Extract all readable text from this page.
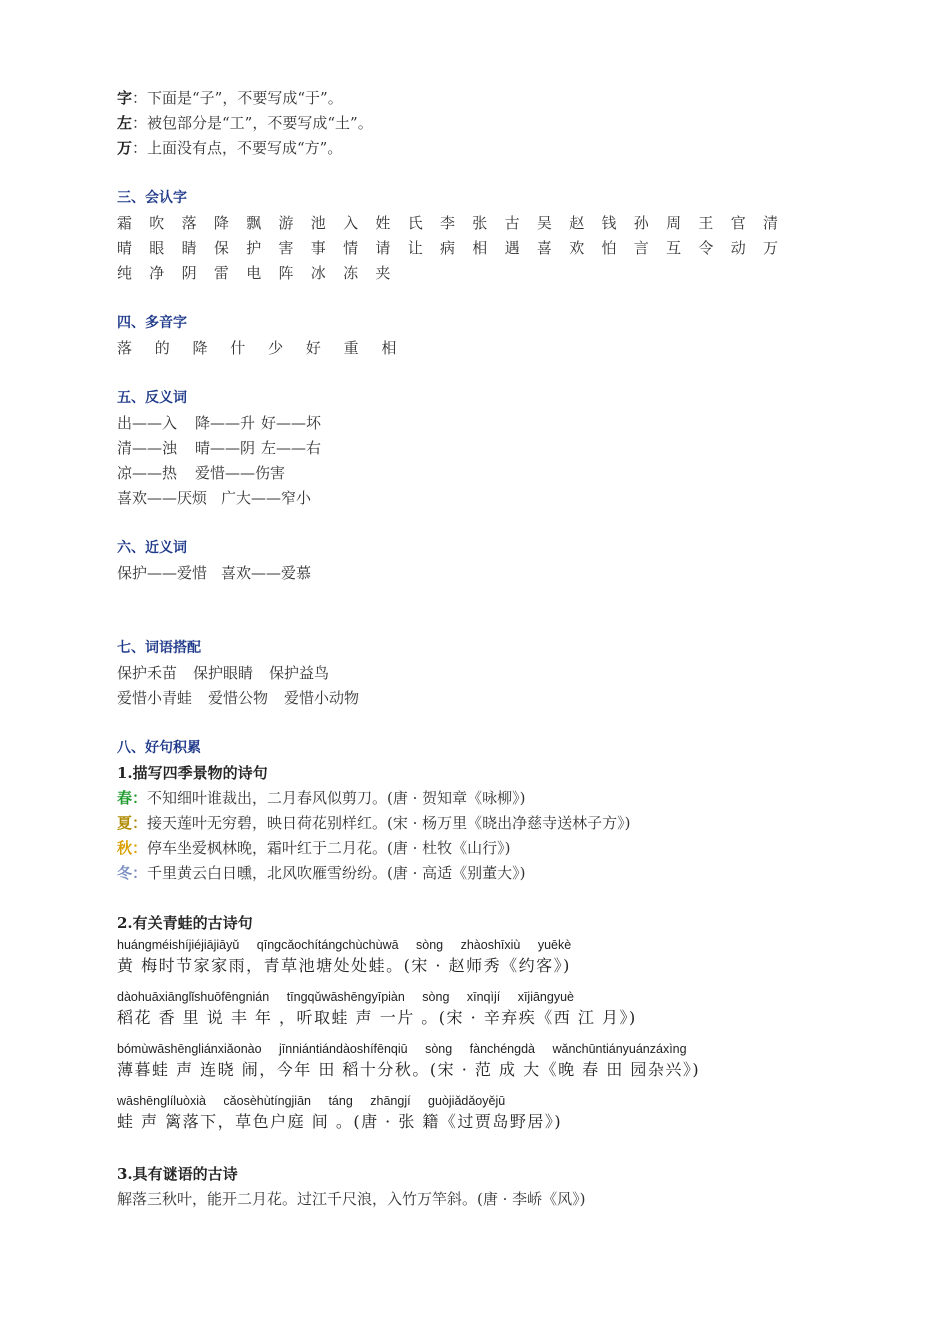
字：下面是“子”，不要写成“于”。
左：被包部分是“工”，不要写成“土”。
万：上面没有点，不要写成“方”。
三、会认字
霜吹落降飘游池入姓氏李张古吴赵钱孙周王官清
晴眼睛保护害事情请让病相遇喜欢怕言互令动万
纯净阴雷电阵冰冻夹
四、多音字
落 的 降 什 少 好 重 相
五、反义词
出——入 降——升 好——坏
清——浊 晴——阴 左——右
凉——热 爱惜——伤害
喜欢——厌烦 广大——窄小
六、近义词
保护——爱惜 喜欢——爱慕
七、词语搭配
保护禾苗 保护眼睛 保护益鸟
爱惜小青蛙 爱惜公物 爱惜小动物
八、好句积累
1.描写四季景物的诗句
春：不知细叶谁裁出，二月春风似剪刀。(唐 · 贺知章《咏柳》)
夏：接天莲叶无穷碧，映日荷花别样红。(宋 · 杨万里《晓出净慈寺送林子方》)
秋：停车坐爱枫林晚，霜叶红于二月花。(唐 · 杜牧《山行》)
冬：千里黄云白日曛，北风吹雁雪纷纷。(唐 · 高适《别董大》)
2.有关青蛙的古诗句
huángméishíjiéjiājiāyǔ qīngcǎochítángchùchùwā sòng zhàoshīxiù yuēkè
黄 梅时节家家雨，青草池塘处处蛙。(宋 · 赵师秀《约客》)
dàohuāxiānglǐshuōfēngnián tīngqǔwāshēngyīpiàn sòng xīnqìjí xījiāngyuè
稻花 香 里 说 丰 年 ，听取蛙 声 一片 。(宋 · 辛弃疾《西 江 月》)
bómùwāshēngliánxiǎonào jīnniántiándàoshífēnqiū sòng fànchéngdà wǎnchūntiányuánzáxìng
薄暮蛙 声 连晓 闹，今年 田 稻十分秋。(宋 · 范 成 大《晚 春 田 园杂兴》)
wāshēnglíluòxià cǎosèhùtíngjiān táng zhāngjí guòjiǎdǎoyějū
蛙 声 篱落下，草色户庭 间 。(唐 · 张 籍《过贾岛野居》)
3.具有谜语的古诗
解落三秋叶，能开二月花。过江千尺浪，入竹万竿斜。(唐 · 李峤《风》)
